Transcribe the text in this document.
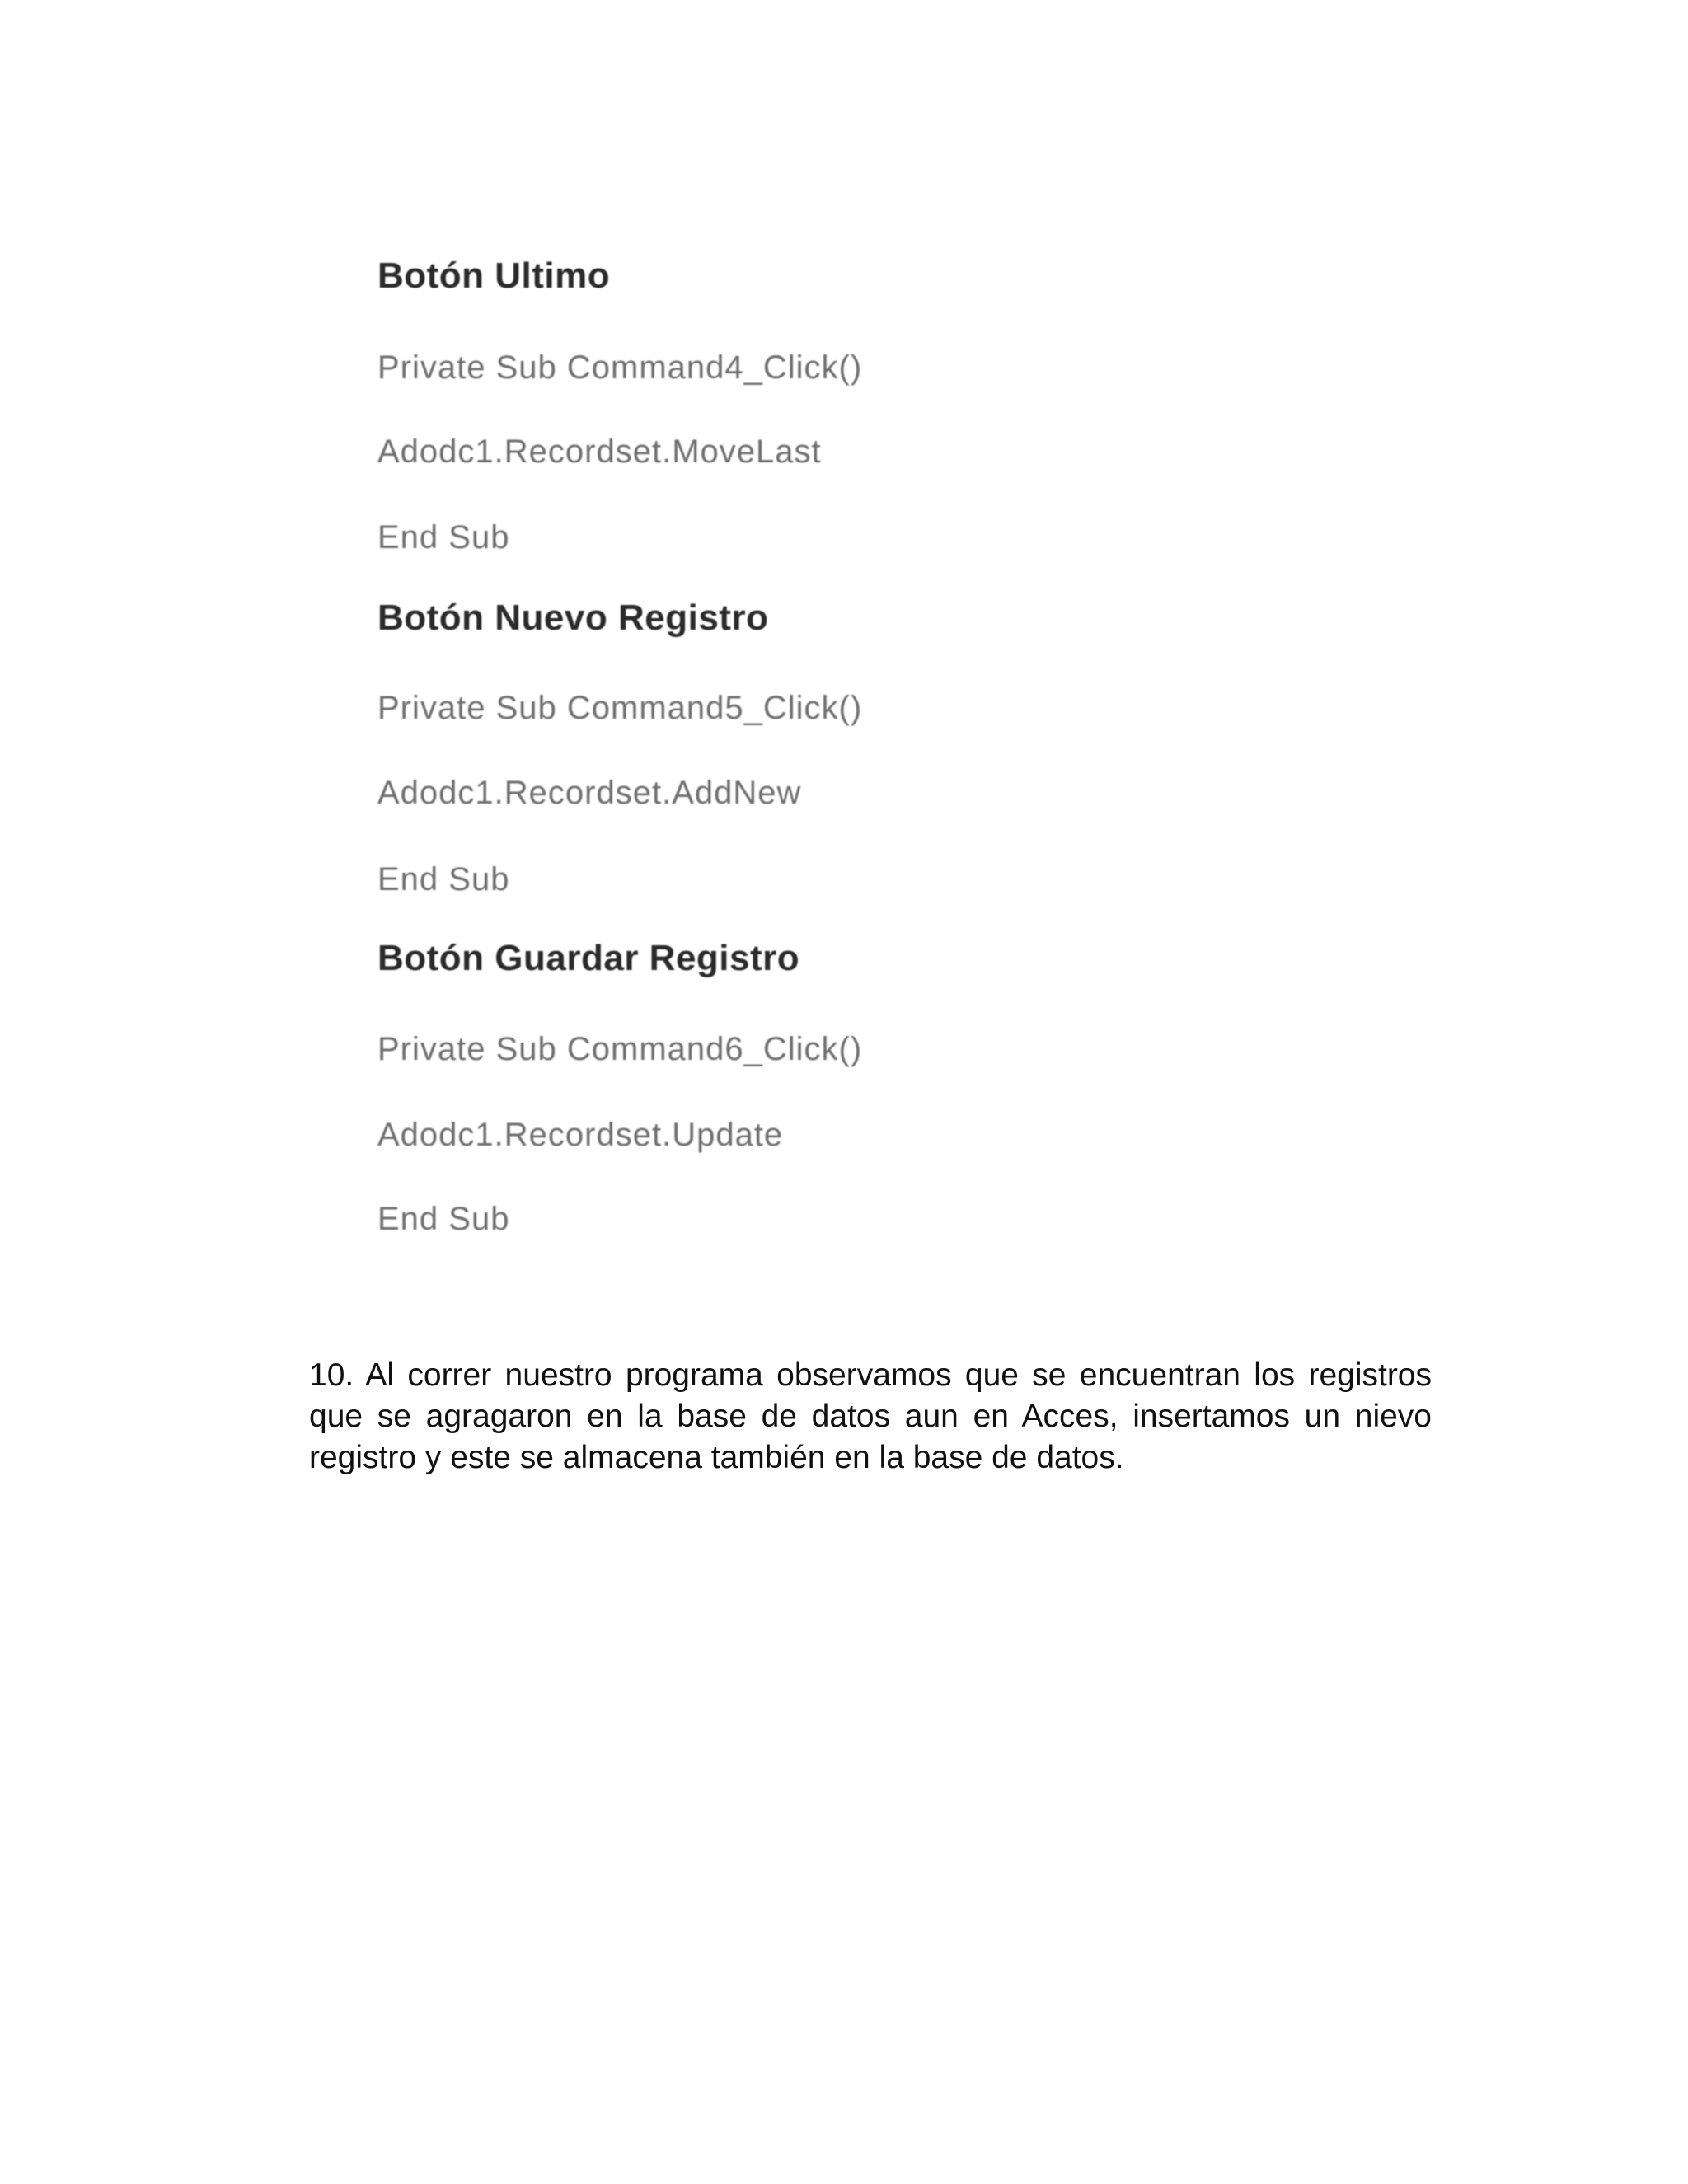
Botón Ultimo
Private Sub Command4_Click()
Adodc1.Recordset.MoveLast
End Sub
Botón Nuevo Registro
Private Sub Command5_Click()
Adodc1.Recordset.AddNew
End Sub
Botón Guardar Registro
Private Sub Command6_Click()
Adodc1.Recordset.Update
End Sub

10. Al correr nuestro programa observamos que se encuentran los registros que se agragaron en la base de datos aun en Acces, insertamos un nievo registro y este se almacena también en la base de datos.
